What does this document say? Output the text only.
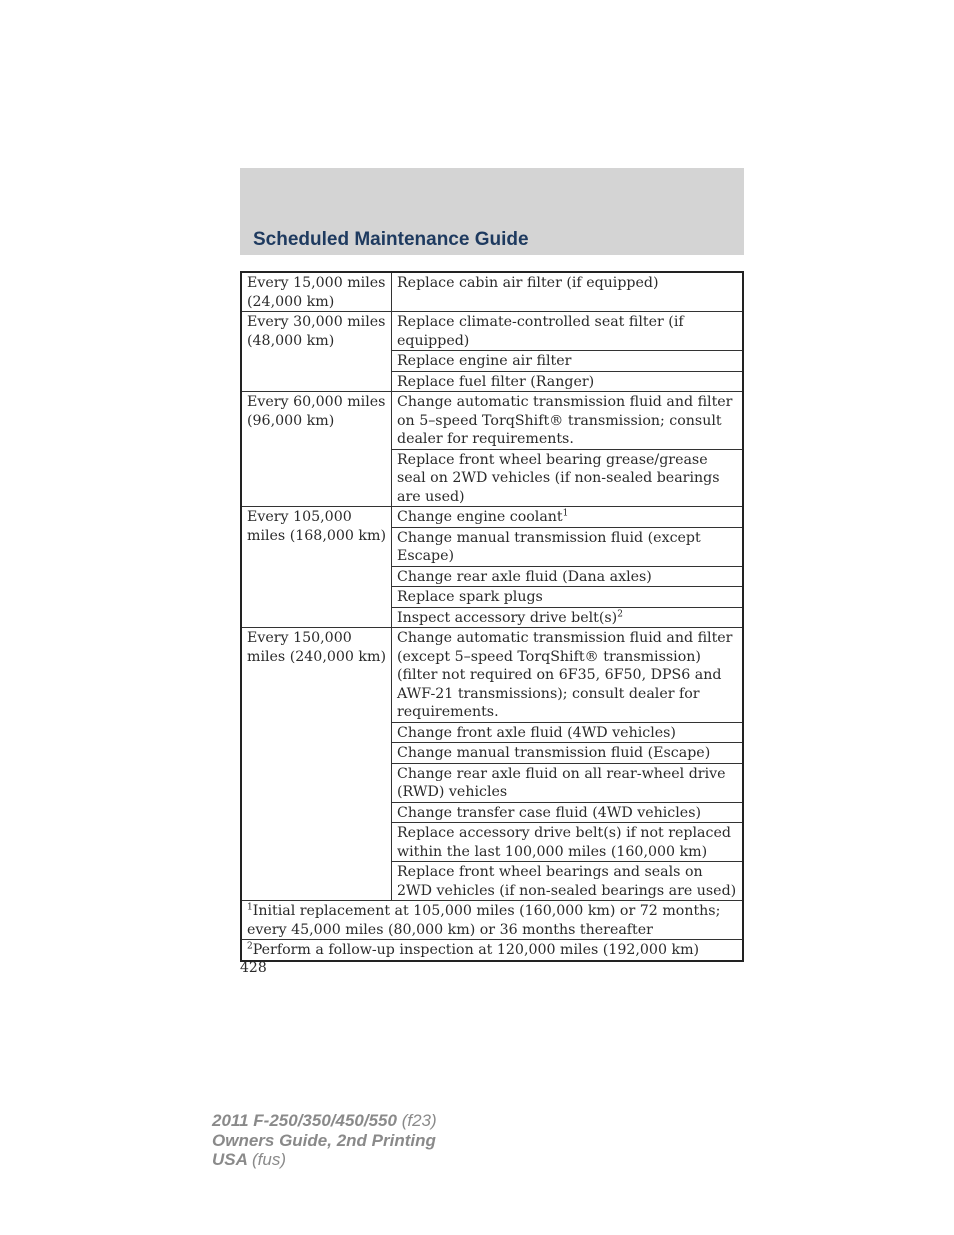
Scheduled Maintenance Guide
Every 15,000 miles (24,000 km)	Replace cabin air filter (if equipped)
Every 30,000 miles (48,000 km)	Replace climate-controlled seat filter (if equipped)
	Replace engine air filter
	Replace fuel filter (Ranger)
Every 60,000 miles (96,000 km)	Change automatic transmission fluid and filter on 5–speed TorqShift® transmission; consult dealer for requirements.
	Replace front wheel bearing grease/grease seal on 2WD vehicles (if non-sealed bearings are used)
Every 105,000 miles (168,000 km)	Change engine coolant$^1$
	Change manual transmission fluid (except Escape)
	Change rear axle fluid (Dana axles)
	Replace spark plugs
	Inspect accessory drive $belt(s)^2$
Every 150,000 miles (240,000 km)	Change automatic transmission fluid and filter (except 5–speed TorqShift® transmission) (filter not required on 6F35, 6F50, DPS6 and AWF-21 transmissions); consult dealer for requirements.
	Change front axle fluid (4WD vehicles)
	Change manual transmission fluid (Escape)
	Change rear axle fluid on all rear-wheel drive (RWD) vehicles
	Change transfer case fluid (4WD vehicles)
	Replace accessory drive belt(s) if not replaced within the last 100,000 miles (160,000 km)
	Replace front wheel bearings and seals on 2WD vehicles (if non-sealed bearings are used)
$^1$Initial replacement at 105,000 miles (160,000 km) or 72 months; every 45,000 miles (80,000 km) or 36 months thereafter	
$^2$Perform a follow-up inspection at 120,000 miles (192,000 km)	
428
2011 F-250/350/450/550 (f23)
Owners Guide, 2nd Printing
USA (fus)
